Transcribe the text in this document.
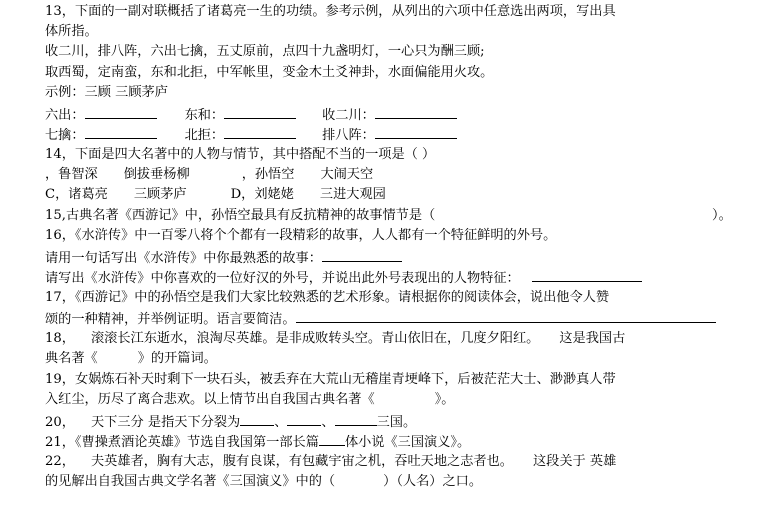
13，下面的一副对联概括了诸葛亮一生的功绩。参考示例，从列出的六项中任意选出两项，写出具
体所指。
收二川，排八阵，六出七擒，五丈原前，点四十九盏明灯，一心只为酬三顾;
取西蜀，定南蛮，东和北拒，中军帐里，变金木土爻神卦，水面偏能用火攻。
示例：三顾 三顾茅庐
六出：	东和：	收二川：
七擒：	北拒：	排八阵：
14，下面是四大名著中的人物与情节，其中搭配不当的一项是（ ）
，鲁智深 倒拔垂杨柳	，孙悟空 大闹天空
C，诸葛亮 三顾茅庐	D，刘姥姥 三进大观园
15,古典名著《西游记》中，孙悟空最具有反抗精神的故事情节是（	）。
16，《水浒传》中一百零八将个个都有一段精彩的故事，人人都有一个特征鲜明的外号。
请用一句话写出《水浒传》中你最熟悉的故事：
请写出《水浒传》中你喜欢的一位好汉的外号，并说出此外号表现出的人物特征：
17，《西游记》中的孙悟空是我们大家比较熟悉的艺术形象。请根据你的阅读体会，说出他令人赞
颂的一种精神，并举例证明。语言要简洁。
18， 滚滚长江东逝水，浪淘尽英雄。是非成败转头空。青山依旧在，几度夕阳红。 这是我国古
典名著《	》的开篇词。
19，女娲炼石补天时剩下一块石头，被丢弃在大荒山无稽崖青埂峰下，后被茫茫大士、渺渺真人带
入红尘，历尽了离合悲欢。以上情节出自我国古典名著《	》。
20， 天下三分 是指天下分裂为	、	、	三国。
21，《曹操煮酒论英雄》节选自我国第一部长篇 体小说《三国演义》。
22， 夫英雄者，胸有大志，腹有良谋，有包藏宇宙之机，吞吐天地之志者也。 这段关于 英雄
的见解出自我国古典文学名著《三国演义》中的（	）（人名）之口。
